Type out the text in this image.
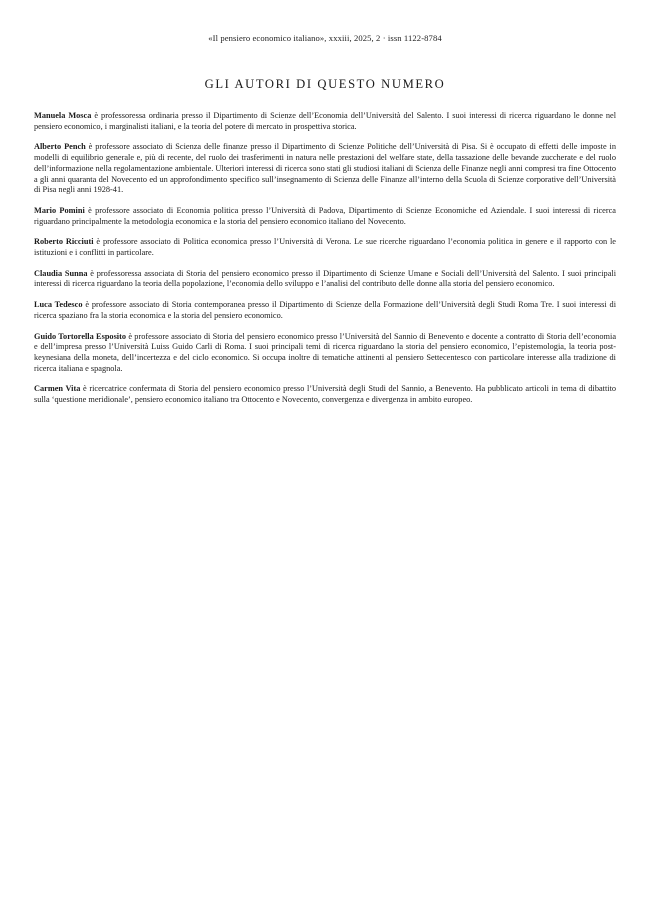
«Il pensiero economico italiano», xxxiii, 2025, 2 · issn 1122-8784
GLI AUTORI DI QUESTO NUMERO

Manuela Mosca è professoressa ordinaria presso il Dipartimento di Scienze dell’Economia dell’Università del Salento. I suoi interessi di ricerca riguardano le donne nel pensiero economico, i marginalisti italiani, e la teoria del potere di mercato in prospettiva storica.

Alberto Pench è professore associato di Scienza delle finanze presso il Dipartimento di Scienze Politiche dell’Università di Pisa. Si è occupato di effetti delle imposte in modelli di equilibrio generale e, più di recente, del ruolo dei trasferimenti in natura nelle prestazioni del welfare state, della tassazione delle bevande zuccherate e del ruolo dell’informazione nella regolamentazione ambientale. Ulteriori interessi di ricerca sono stati gli studiosi italiani di Scienza delle Finanze negli anni compresi tra fine Ottocento a gli anni quaranta del Novecento ed un approfondimento specifico sull’insegnamento di Scienza delle Finanze all’interno della Scuola di Scienze corporative dell’Università di Pisa negli anni 1928-41.

Mario Pomini è professore associato di Economia politica presso l’Università di Padova, Dipartimento di Scienze Economiche ed Aziendale. I suoi interessi di ricerca riguardano principalmente la metodologia economica e la storia del pensiero economico italiano del Novecento.

Roberto Ricciuti è professore associato di Politica economica presso l’Università di Verona. Le sue ricerche riguardano l’economia politica in genere e il rapporto con le istituzioni e i conflitti in particolare.

Claudia Sunna è professoressa associata di Storia del pensiero economico presso il Dipartimento di Scienze Umane e Sociali dell’Università del Salento. I suoi principali interessi di ricerca riguardano la teoria della popolazione, l’economia dello sviluppo e l’analisi del contributo delle donne alla storia del pensiero economico.

Luca Tedesco è professore associato di Storia contemporanea presso il Dipartimento di Scienze della Formazione dell’Università degli Studi Roma Tre. I suoi interessi di ricerca spaziano fra la storia economica e la storia del pensiero economico.

Guido Tortorella Esposito è professore associato di Storia del pensiero economico presso l’Università del Sannio di Benevento e docente a contratto di Storia dell’economia e dell’impresa presso l’Università Luiss Guido Carli di Roma. I suoi principali temi di ricerca riguardano la storia del pensiero economico, l’epistemologia, la teoria post-keynesiana della moneta, dell’incertezza e del ciclo economico. Si occupa inoltre di tematiche attinenti al pensiero Settecentesco con particolare interesse alla tradizione di ricerca italiana e spagnola.

Carmen Vita è ricercatrice confermata di Storia del pensiero economico presso l’Università degli Studi del Sannio, a Benevento. Ha pubblicato articoli in tema di dibattito sulla ‘questione meridionale’, pensiero economico italiano tra Ottocento e Novecento, convergenza e divergenza in ambito europeo.
